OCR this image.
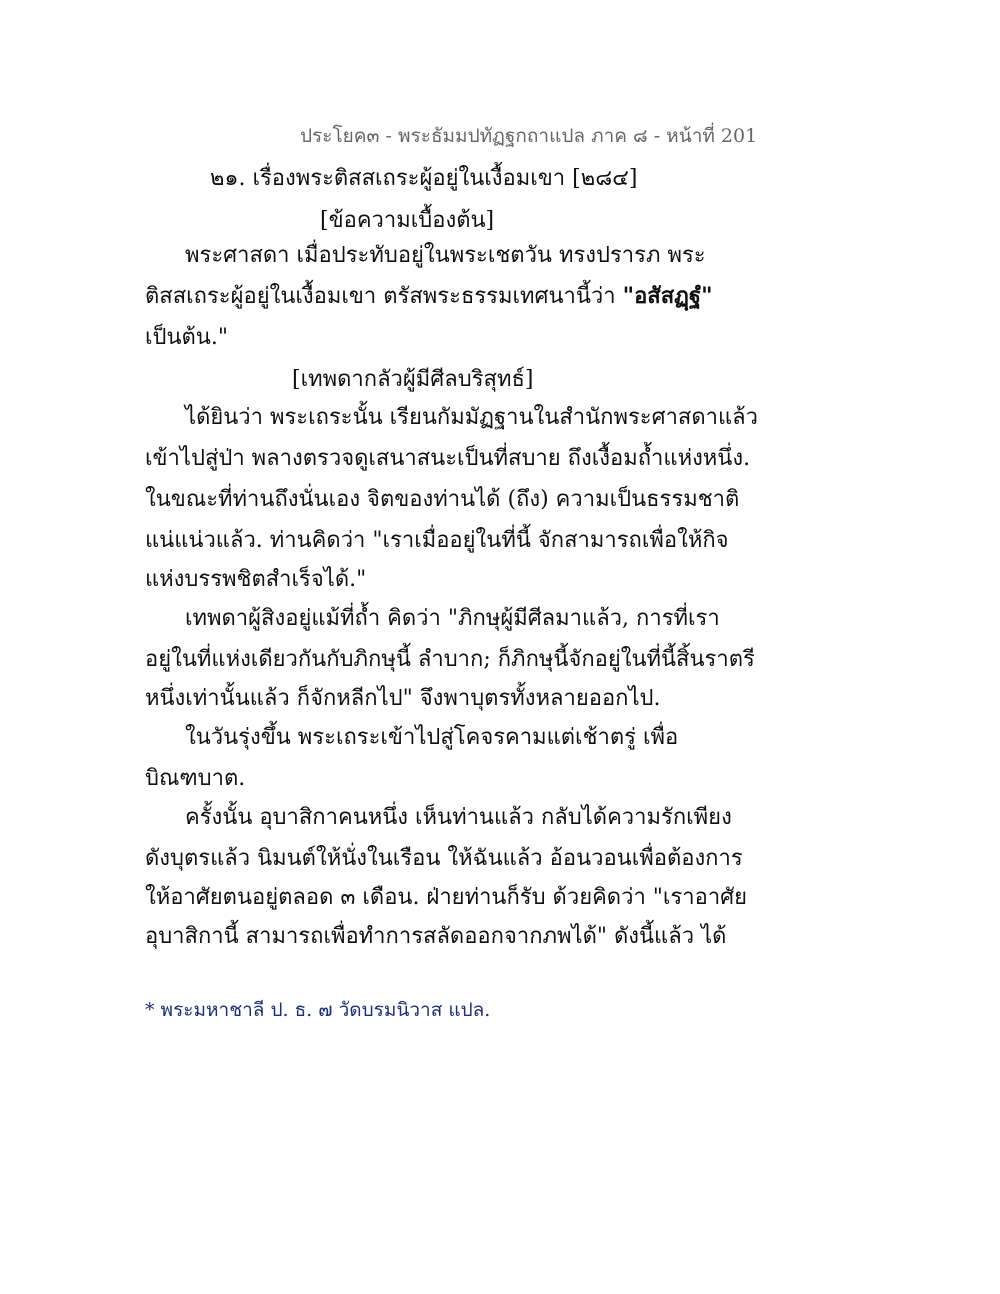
ประโยค๓ - พระธัมมปทัฏฐกถาแปล ภาค ๘ - หน้าที่ 201
๒๑. เรื่องพระติสสเถระผู้อยู่ในเงื้อมเขา [๒๘๔]
[ข้อความเบื้องต้น]
พระศาสดา เมื่อประทับอยู่ในพระเชตวัน ทรงปรารภ พระ
ติสสเถระผู้อยู่ในเงื้อมเขา ตรัสพระธรรมเทศนานี้ว่า "อสัสฏฺฐํ"
เป็นต้น."
[เทพดากลัวผู้มีศีลบริสุทธ์]
ได้ยินว่า พระเถระนั้น เรียนกัมมัฏฐานในสำนักพระศาสดาแล้ว
เข้าไปสู่ป่า พลางตรวจดูเสนาสนะเป็นที่สบาย ถึงเงื้อมถ้ำแห่งหนึ่ง.
ในขณะที่ท่านถึงนั่นเอง จิตของท่านได้ (ถึง) ความเป็นธรรมชาติ
แน่แน่วแล้ว. ท่านคิดว่า "เราเมื่ออยู่ในที่นี้ จักสามารถเพื่อให้กิจ
แห่งบรรพชิตสำเร็จได้."
เทพดาผู้สิงอยู่แม้ที่ถ้ำ คิดว่า "ภิกษุผู้มีศีลมาแล้ว, การที่เรา
อยู่ในที่แห่งเดียวกันกับภิกษุนี้ ลำบาก; ก็ภิกษุนี้จักอยู่ในที่นี้สิ้นราตรี
หนึ่งเท่านั้นแล้ว ก็จักหลีกไป" จึงพาบุตรทั้งหลายออกไป.
ในวันรุ่งขึ้น พระเถระเข้าไปสู่โคจรคามแต่เช้าตรู่ เพื่อ
บิณฑบาต.
ครั้งนั้น อุบาสิกาคนหนึ่ง เห็นท่านแล้ว กลับได้ความรักเพียง
ดังบุตรแล้ว นิมนต์ให้นั่งในเรือน ให้ฉันแล้ว อ้อนวอนเพื่อต้องการ
ให้อาศัยตนอยู่ตลอด ๓ เดือน. ฝ่ายท่านก็รับ ด้วยคิดว่า "เราอาศัย
อุบาสิกานี้ สามารถเพื่อทำการสลัดออกจากภพได้" ดังนี้แล้ว ได้
* พระมหาชาลี ป. ธ. ๗ วัดบรมนิวาส แปล.
